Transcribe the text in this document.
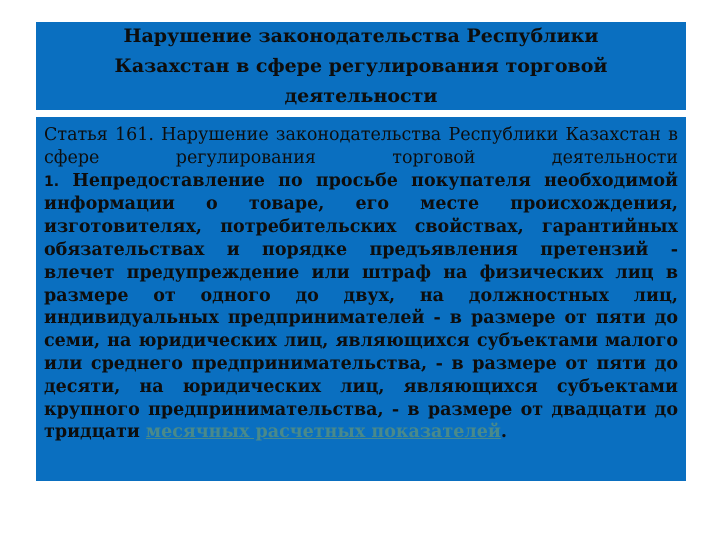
Нарушение законодательства Республики Казахстан в сфере регулирования торговой деятельности

Статья 161. Нарушение законодательства Республики Казахстан в сфере регулирования торговой деятельности

1. Непредоставление по просьбе покупателя необходимой информации о товаре, его месте происхождения, изготовителях, потребительских свойствах, гарантийных обязательствах и порядке предъявления претензий -

влечет предупреждение или штраф на физических лиц в размере от одного до двух, на должностных лиц, индивидуальных предпринимателей - в размере от пяти до семи, на юридических лиц, являющихся субъектами малого или среднего предпринимательства, - в размере от пяти до десяти, на юридических лиц, являющихся субъектами крупного предпринимательства, - в размере от двадцати до тридцати месячных расчетных показателей.
